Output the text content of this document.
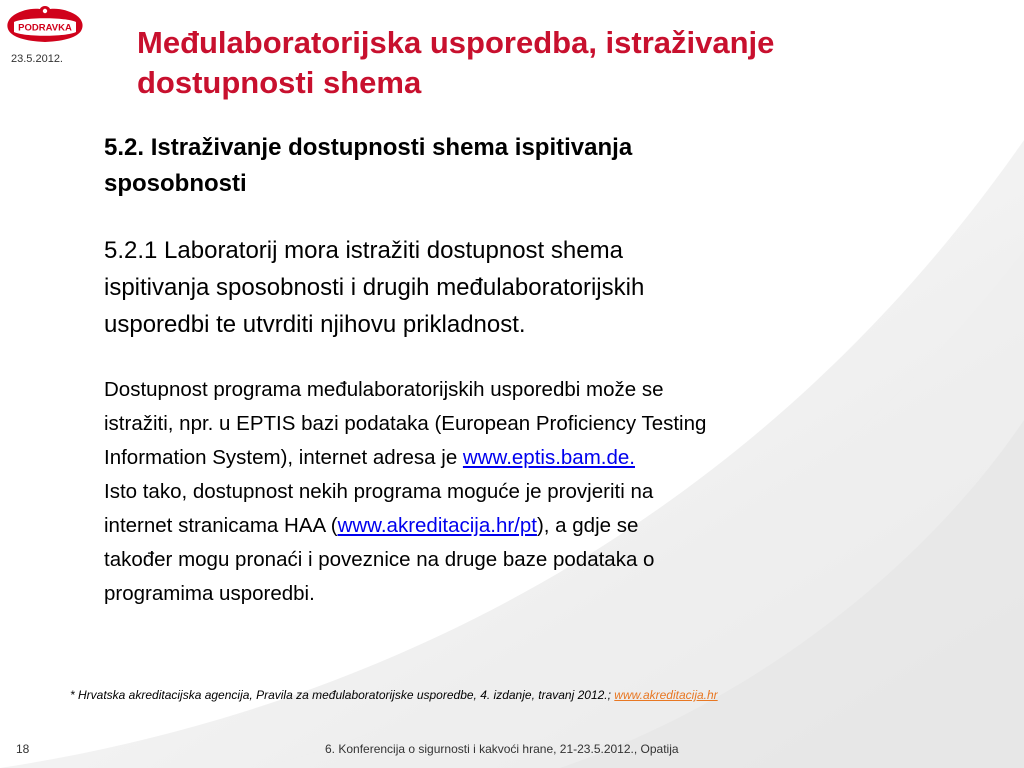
PODRAVKA
23.5.2012. Međulaboratorijska usporedba, istraživanje
dostupnosti shema
5.2. Istraživanje dostupnosti shema ispitivanja
sposobnosti
5.2.1 Laboratorij mora istražiti dostupnost shema
ispitivanja sposobnosti i drugih međulaboratorijskih
usporedbi te utvrditi njihovu prikladnost.
Dostupnost programa međulaboratorijskih usporedbi može se
istražiti, npr. u EPTIS bazi podataka (European Proficiency Testing
Information System), internet adresa je www.eptis.bam.de.
Isto tako, dostupnost nekih programa moguće je provjeriti na
internet stranicama HAA (www.akreditacija.hr/pt), a gdje se
također mogu pronaći i poveznice na druge baze podataka o
programima usporedbi.
* Hrvatska akreditacijska agencija, Pravila za međulaboratorijske usporedbe, 4. izdanje, travanj 2012.; www.akreditacija.hr
18	6. Konferencija o sigurnosti i kakvoći hrane, 21-23.5.2012., Opatija
